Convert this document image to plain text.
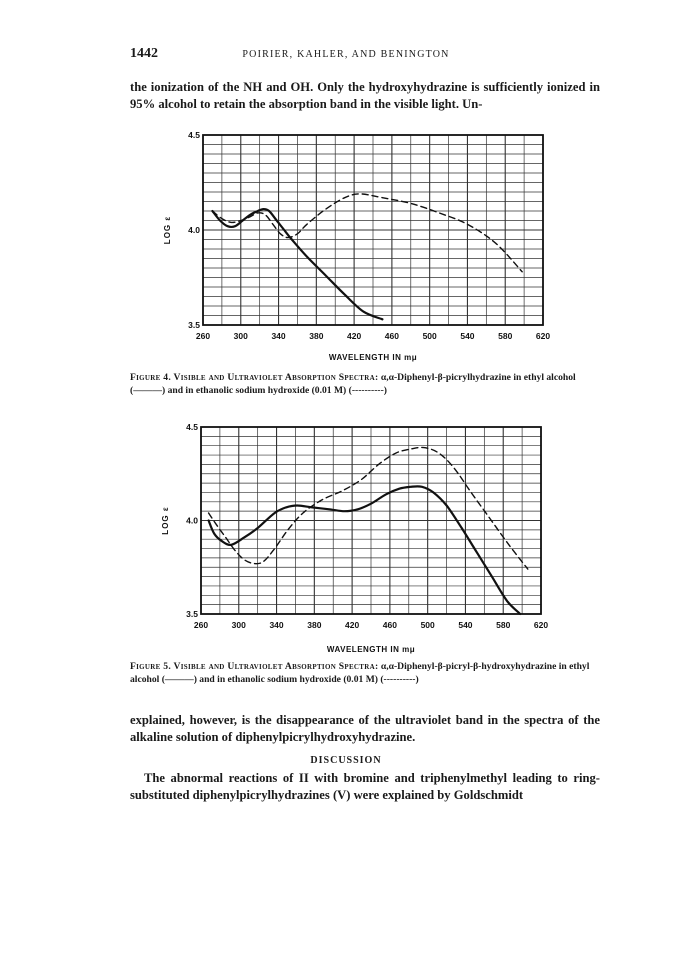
1442	POIRIER, KAHLER, AND BENINGTON
the ionization of the NH and OH. Only the hydroxyhydrazine is sufficiently ionized in 95% alcohol to retain the absorption band in the visible light. Un-
260	300	340	380	420	460	500	540	580	620
3.5
4.0
4.5
WAVELENGTH IN mμ
LOG ε
Figure 4. Visible and Ultraviolet Absorption Spectra: α,α-Diphenyl-β-picrylhydrazine in ethyl alcohol (———) and in ethanolic sodium hydroxide (0.01 M) (----------)
260	300	340	380	420	460	500	540	580	620
3.5
4.0
4.5
WAVELENGTH IN mμ
LOG ε
Figure 5. Visible and Ultraviolet Absorption Spectra: α,α-Diphenyl-β-picryl-β-hydroxyhydrazine in ethyl alcohol (———) and in ethanolic sodium hydroxide (0.01 M) (----------)
explained, however, is the disappearance of the ultraviolet band in the spectra of the alkaline solution of diphenylpicrylhydroxyhydrazine.
DISCUSSION
The abnormal reactions of II with bromine and triphenylmethyl leading to ring-substituted diphenylpicrylhydrazines (V) were explained by Goldschmidt
